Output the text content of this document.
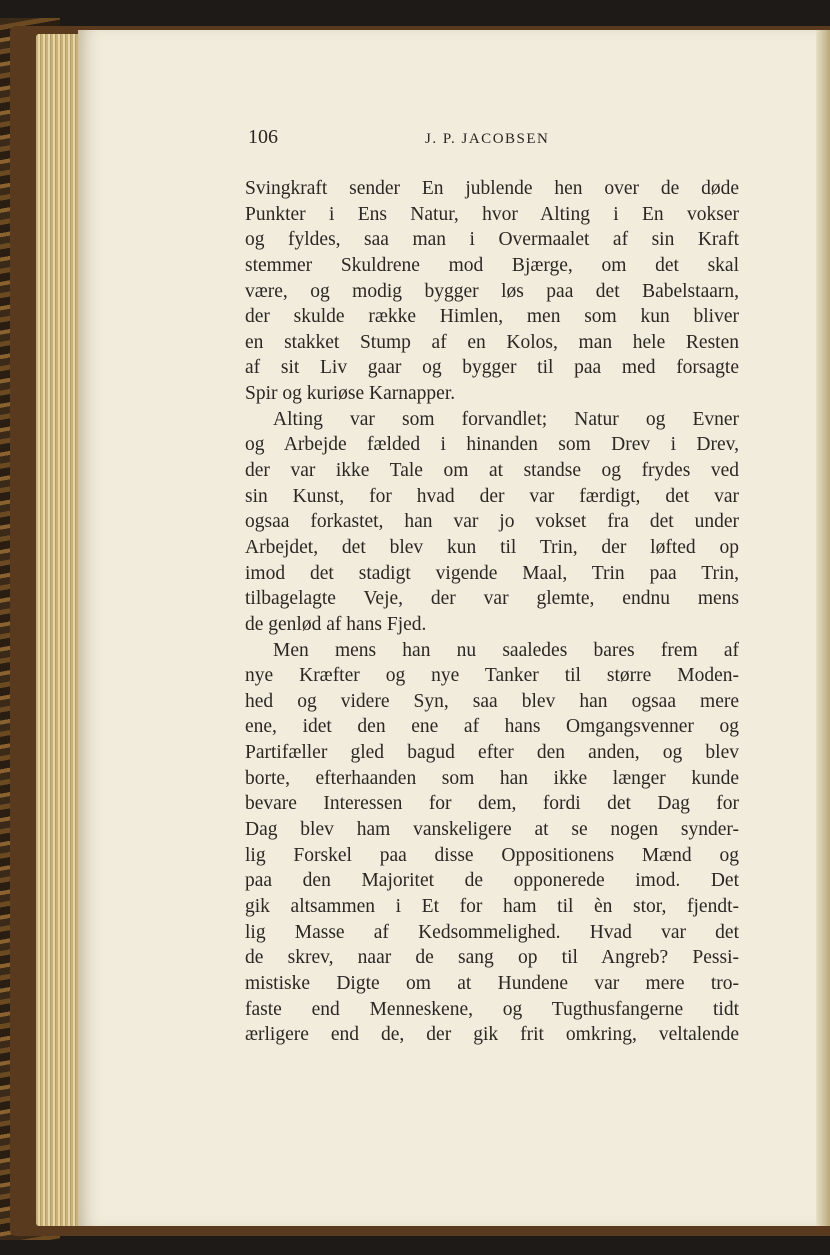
106	J. P. JACOBSEN
Svingkraft sender En jublende hen over de døde
Punkter i Ens Natur, hvor Alting i En vokser
og fyldes, saa man i Overmaalet af sin Kraft
stemmer Skuldrene mod Bjærge, om det skal
være, og modig bygger løs paa det Babelstaarn,
der skulde række Himlen, men som kun bliver
en stakket Stump af en Kolos, man hele Resten
af sit Liv gaar og bygger til paa med forsagte
Spir og kuriøse Karnapper.
Alting var som forvandlet; Natur og Evner
og Arbejde fælded i hinanden som Drev i Drev,
der var ikke Tale om at standse og frydes ved
sin Kunst, for hvad der var færdigt, det var
ogsaa forkastet, han var jo vokset fra det under
Arbejdet, det blev kun til Trin, der løfted op
imod det stadigt vigende Maal, Trin paa Trin,
tilbagelagte Veje, der var glemte, endnu mens
de genlød af hans Fjed.
Men mens han nu saaledes bares frem af
nye Kræfter og nye Tanker til større Moden-
hed og videre Syn, saa blev han ogsaa mere
ene, idet den ene af hans Omgangsvenner og
Partifæller gled bagud efter den anden, og blev
borte, efterhaanden som han ikke længer kunde
bevare Interessen for dem, fordi det Dag for
Dag blev ham vanskeligere at se nogen synder-
lig Forskel paa disse Oppositionens Mænd og
paa den Majoritet de opponerede imod. Det
gik altsammen i Et for ham til èn stor, fjendt-
lig Masse af Kedsommelighed. Hvad var det
de skrev, naar de sang op til Angreb? Pessi-
mistiske Digte om at Hundene var mere tro-
faste end Menneskene, og Tugthusfangerne tidt
ærligere end de, der gik frit omkring, veltalende
